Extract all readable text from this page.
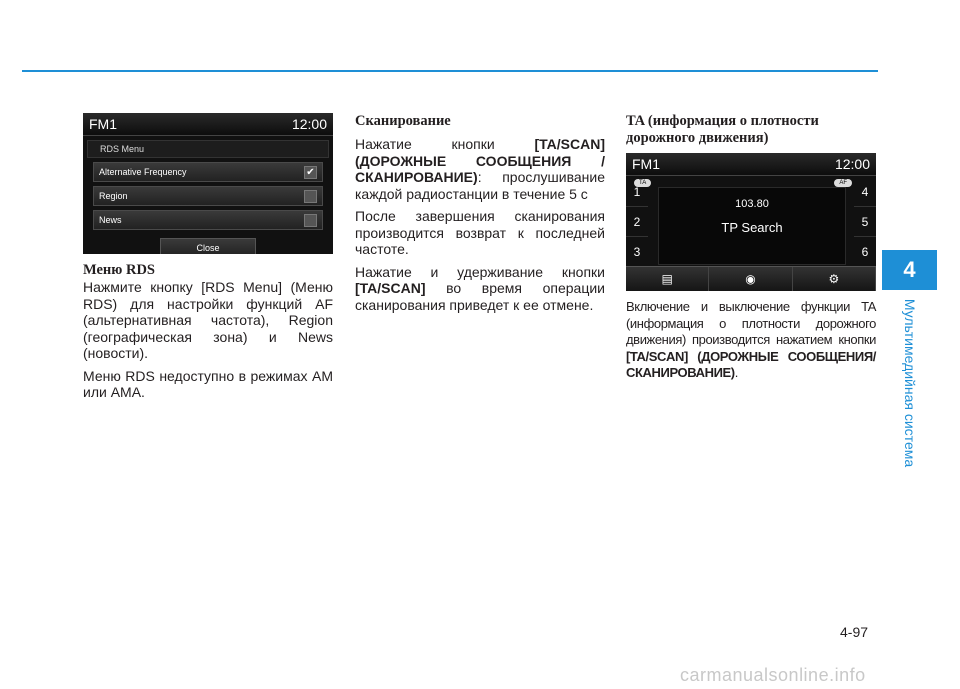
4
Мультимедийная система
FM1	12:00
RDS Menu
Alternative Frequency	✔
Region
News
Close
Меню RDS

Нажмите кнопку [RDS Menu] (Меню RDS) для настройки функций AF (альтернативная частота), Region (географическая зона) и News (новости).

Меню RDS недоступно в режимах AM или AMA.

Сканирование

Нажатие кнопки [TA/SCAN] (ДОРОЖНЫЕ СООБЩЕНИЯ /СКАНИРОВАНИЕ): прослушивание каждой радиостанции в течение 5 с

После завершения сканирования производится возврат к последней частоте.

Нажатие и удерживание кнопки [TA/SCAN] во время операции сканирования приведет к ее отмене.

TA (информация о плотности дорожного движения)
FM1	12:00
TA	AF
1
2
3
4
5
6
103.80
TP Search
▤	◉	⚙

Включение и выключение функции TA (информация о плотности дорожного движения) производится нажатием кнопки [TA/SCAN] (ДОРОЖНЫЕ СООБЩЕНИЯ/СКАНИРОВАНИЕ).

4-97
carmanualsonline.info
